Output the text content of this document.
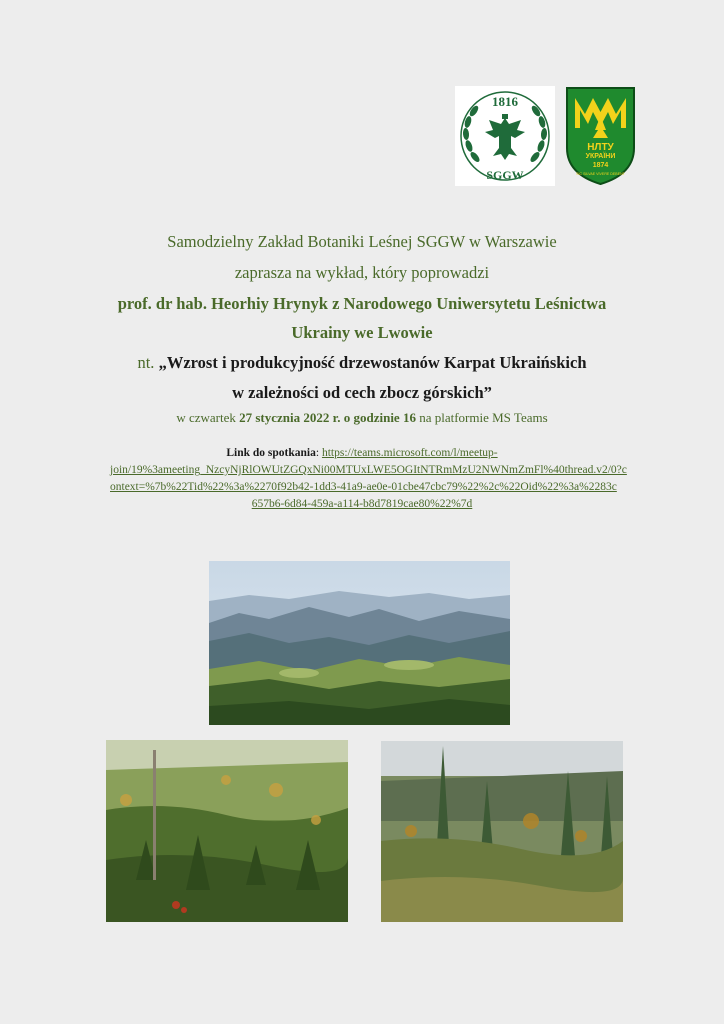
1816
SGGW
НЛТУ
УКРАЇНИ
1874
SIC SILVAE VIVERE DEBENT
Samodzielny Zakład Botaniki Leśnej SGGW w Warszawie
zaprasza na wykład, który poprowadzi
prof. dr hab. Heorhiy Hrynyk z Narodowego Uniwersytetu Leśnictwa
Ukrainy we Lwowie
nt. „Wzrost i produkcyjność drzewostanów Karpat Ukraińskich
w zależności od cech zbocz górskich”
w czwartek 27 stycznia 2022 r. o godzinie 16 na platformie MS Teams
Link do spotkania: https://teams.microsoft.com/l/meetup-
join/19%3ameeting_NzcyNjRlOWUtZGQxNi00MTUxLWE5OGItNTRmMzU2NWNmZmFl%40thread.v2/0?c
ontext=%7b%22Tid%22%3a%2270f92b42-1dd3-41a9-ae0e-01cbe47cbc79%22%2c%22Oid%22%3a%2283c
657b6-6d84-459a-a114-b8d7819cae80%22%7d
